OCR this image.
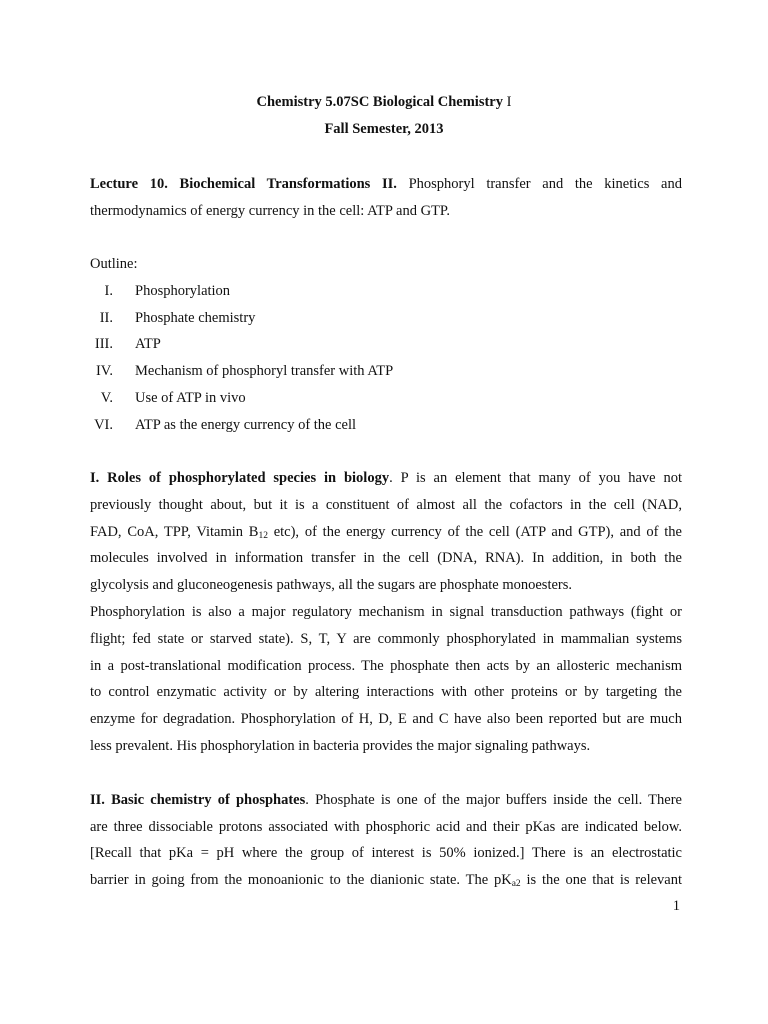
Chemistry 5.07SC Biological Chemistry I
Fall Semester, 2013
Lecture 10. Biochemical Transformations II. Phosphoryl transfer and the kinetics and
thermodynamics of energy currency in the cell: ATP and GTP.
Outline:
I. Phosphorylation
II. Phosphate chemistry
III. ATP
IV. Mechanism of phosphoryl transfer with ATP
V. Use of ATP in vivo
VI. ATP as the energy currency of the cell
I. Roles of phosphorylated species in biology. P is an element that many of you have not
previously thought about, but it is a constituent of almost all the cofactors in the cell (NAD,
FAD, CoA, TPP, Vitamin $B_{12}$ etc), of the energy currency of the cell (ATP and GTP), and of the
molecules involved in information transfer in the cell (DNA, RNA). In addition, in both the
glycolysis and gluconeogenesis pathways, all the sugars are phosphate monoesters.
Phosphorylation is also a major regulatory mechanism in signal transduction pathways (fight or
flight; fed state or starved state). S, T, Y are commonly phosphorylated in mammalian systems
in a post-translational modification process. The phosphate then acts by an allosteric mechanism
to control enzymatic activity or by altering interactions with other proteins or by targeting the
enzyme for degradation. Phosphorylation of H, D, E and C have also been reported but are much
less prevalent. His phosphorylation in bacteria provides the major signaling pathways.
II. Basic chemistry of phosphates. Phosphate is one of the major buffers inside the cell. There
are three dissociable protons associated with phosphoric acid and their pKas are indicated below.
[Recall that pKa = pH where the group of interest is 50% ionized.] There is an electrostatic
barrier in going from the monoanionic to the dianionic state. The $pK_{a2}$ is the one that is relevant
1
